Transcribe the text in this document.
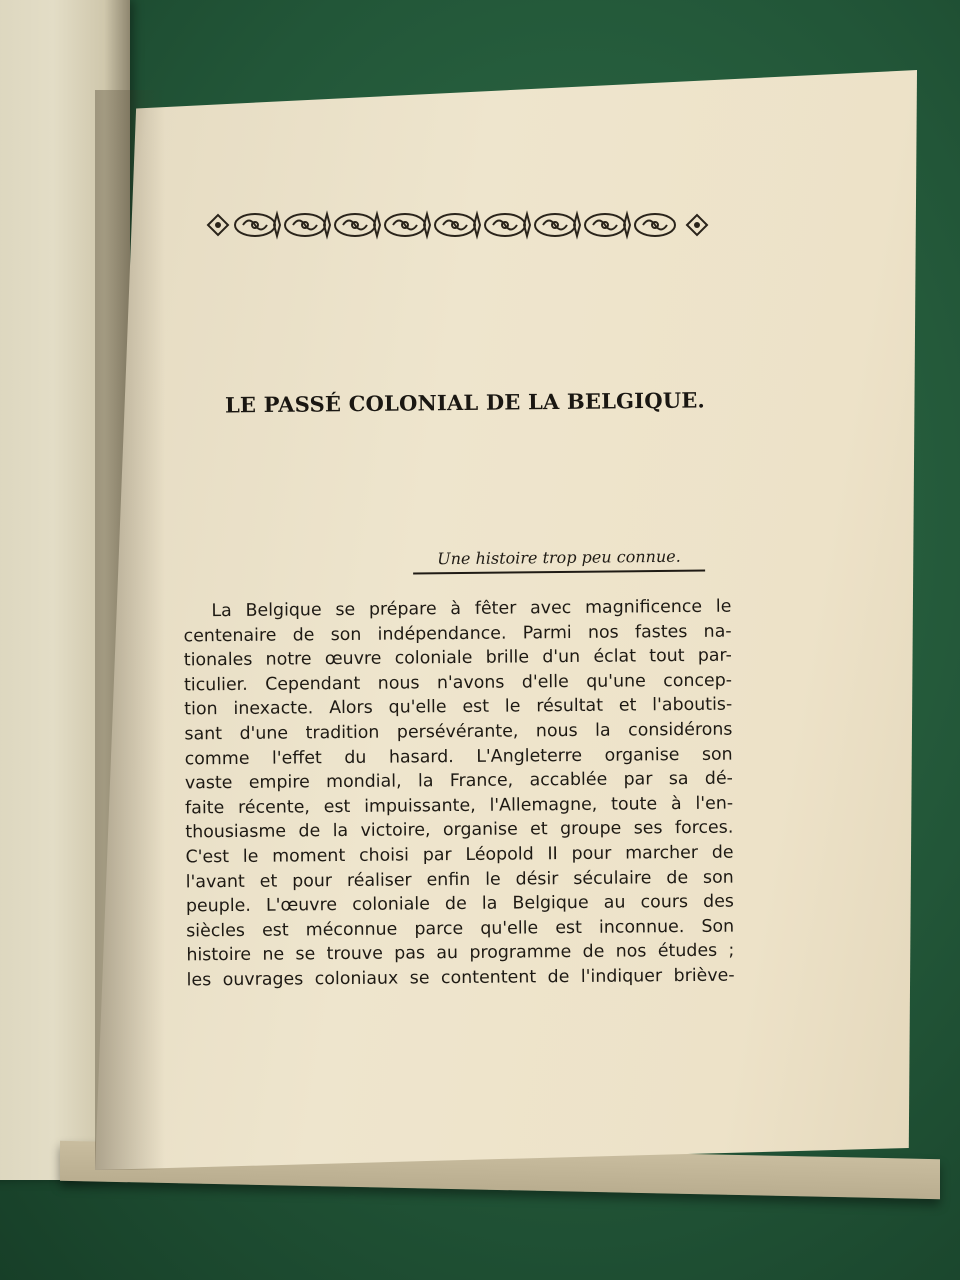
LE PASSÉ COLONIAL DE LA BELGIQUE.
Une histoire trop peu connue.
La Belgique se prépare à fêter avec magnificence le
centenaire de son indépendance. Parmi nos fastes na-
tionales notre œuvre coloniale brille d'un éclat tout par-
ticulier. Cependant nous n'avons d'elle qu'une concep-
tion inexacte. Alors qu'elle est le résultat et l'aboutis-
sant d'une tradition persévérante, nous la considérons
comme l'effet du hasard. L'Angleterre organise son
vaste empire mondial, la France, accablée par sa dé-
faite récente, est impuissante, l'Allemagne, toute à l'en-
thousiasme de la victoire, organise et groupe ses forces.
C'est le moment choisi par Léopold II pour marcher de
l'avant et pour réaliser enfin le désir séculaire de son
peuple. L'œuvre coloniale de la Belgique au cours des
siècles est méconnue parce qu'elle est inconnue. Son
histoire ne se trouve pas au programme de nos études ;
les ouvrages coloniaux se contentent de l'indiquer briève-
